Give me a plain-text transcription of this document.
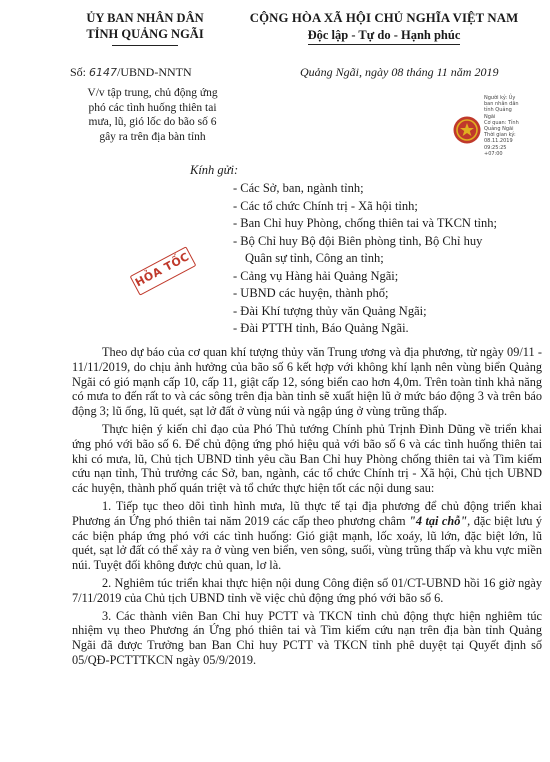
ỦY BAN NHÂN DÂN
TỈNH QUẢNG NGÃI
CỘNG HÒA XÃ HỘI CHỦ NGHĨA VIỆT NAM
Độc lập - Tự do - Hạnh phúc
Số: 6147/UBND-NNTN	Quảng Ngãi, ngày 08 tháng 11 năm 2019
V/v tập trung, chủ động ứng
phó các tình huống thiên tai
mưa, lũ, gió lốc do bão số 6
gây ra trên địa bàn tỉnh
Người ký: Ủy
ban nhân dân
tỉnh Quảng
Ngãi
Cơ quan: Tỉnh
Quảng Ngãi
Thời gian ký:
08.11.2019
09:25:25
+07:00
Kính gửi:
- Các Sở, ban, ngành tỉnh;
- Các tổ chức Chính trị - Xã hội tỉnh;
- Ban Chỉ huy Phòng, chống thiên tai và TKCN tỉnh;
- Bộ Chỉ huy Bộ đội Biên phòng tỉnh, Bộ Chỉ huy
Quân sự tỉnh, Công an tỉnh;
- Cảng vụ Hàng hải Quảng Ngãi;
- UBND các huyện, thành phố;
- Đài Khí tượng thủy văn Quảng Ngãi;
- Đài PTTH tỉnh, Báo Quảng Ngãi.
HỎA TỐC

Theo dự báo của cơ quan khí tượng thủy văn Trung ương và địa phương, từ ngày 09/11 - 11/11/2019, do chịu ảnh hưởng của bão số 6 kết hợp với không khí lạnh nên vùng biển Quảng Ngãi có gió mạnh cấp 10, cấp 11, giật cấp 12, sóng biển cao hơn 4,0m. Trên toàn tỉnh khả năng có mưa to đến rất to và các sông trên địa bàn tỉnh sẽ xuất hiện lũ ở mức báo động 3 và trên báo động 3; lũ ống, lũ quét, sạt lở đất ở vùng núi và ngập úng ở vùng trũng thấp.

Thực hiện ý kiến chỉ đạo của Phó Thủ tướng Chính phủ Trịnh Đình Dũng về triển khai ứng phó với bão số 6. Để chủ động ứng phó hiệu quả với bão số 6 và các tình huống thiên tai khi có mưa, lũ, Chủ tịch UBND tỉnh yêu cầu Ban Chỉ huy Phòng chống thiên tai và Tìm kiếm cứu nạn tỉnh, Thủ trưởng các Sở, ban, ngành, các tổ chức Chính trị - Xã hội, Chủ tịch UBND các huyện, thành phố quán triệt và tổ chức thực hiện tốt các nội dung sau:

1. Tiếp tục theo dõi tình hình mưa, lũ thực tế tại địa phương để chủ động triển khai Phương án Ứng phó thiên tai năm 2019 các cấp theo phương châm "4 tại chỗ", đặc biệt lưu ý các biện pháp ứng phó với các tình huống: Gió giật mạnh, lốc xoáy, lũ lớn, đặc biệt lớn, lũ quét, sạt lở đất có thể xảy ra ở vùng ven biển, ven sông, suối, vùng trũng thấp và khu vực miền núi. Tuyệt đối không được chủ quan, lơ là.

2. Nghiêm túc triển khai thực hiện nội dung Công điện số 01/CT-UBND hồi 16 giờ ngày 7/11/2019 của Chủ tịch UBND tỉnh về việc chủ động ứng phó với bão số 6.

3. Các thành viên Ban Chỉ huy PCTT và TKCN tỉnh chủ động thực hiện nghiêm túc nhiệm vụ theo Phương án Ứng phó thiên tai và Tìm kiếm cứu nạn trên địa bàn tỉnh Quảng Ngãi đã được Trưởng ban Ban Chỉ huy PCTT và TKCN tỉnh phê duyệt tại Quyết định số 05/QĐ-PCTTTKCN ngày 05/9/2019.
